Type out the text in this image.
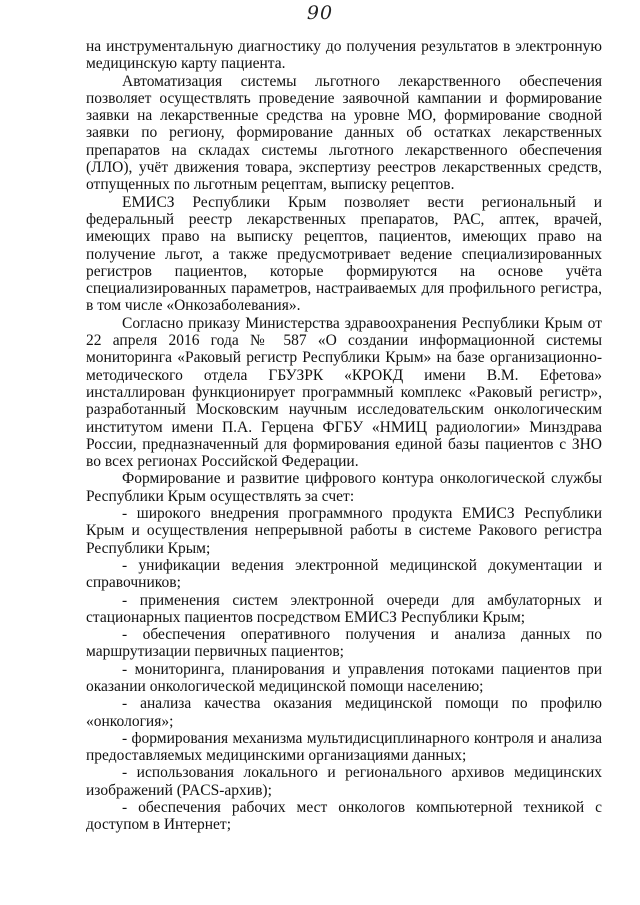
90

на инструментальную диагностику до получения результатов в электронную медицинскую карту пациента.

Автоматизация системы льготного лекарственного обеспечения позволяет осуществлять проведение заявочной кампании и формирование заявки на лекарственные средства на уровне МО, формирование сводной заявки по региону, формирование данных об остатках лекарственных препаратов на складах системы льготного лекарственного обеспечения (ЛЛО), учёт движения товара, экспертизу реестров лекарственных средств, отпущенных по льготным рецептам, выписку рецептов.

ЕМИСЗ Республики Крым позволяет вести региональный и федеральный реестр лекарственных препаратов, РАС, аптек, врачей, имеющих право на выписку рецептов, пациентов, имеющих право на получение льгот, а также предусмотривает ведение специализированных регистров пациентов, которые формируются на основе учёта специализированных параметров, настраиваемых для профильного регистра, в том числе «Онкозаболевания».

Согласно приказу Министерства здравоохранения Республики Крым от 22 апреля 2016 года № 587 «О создании информационной системы мониторинга «Раковый регистр Республики Крым» на базе организационно-методического отдела ГБУЗРК «КРОКД имени В.М. Ефетова» инсталлирован функционирует программный комплекс «Раковый регистр», разработанный Московским научным исследовательским онкологическим институтом имени П.А. Герцена ФГБУ «НМИЦ радиологии» Минздрава России, предназначенный для формирования единой базы пациентов с ЗНО во всех регионах Российской Федерации.

Формирование и развитие цифрового контура онкологической службы Республики Крым осуществлять за счет:

- широкого внедрения программного продукта ЕМИСЗ Республики Крым и осуществления непрерывной работы в системе Ракового регистра Республики Крым;

- унификации ведения электронной медицинской документации и справочников;

- применения систем электронной очереди для амбулаторных и стационарных пациентов посредством ЕМИСЗ Республики Крым;

- обеспечения оперативного получения и анализа данных по маршрутизации первичных пациентов;

- мониторинга, планирования и управления потоками пациентов при оказании онкологической медицинской помощи населению;

- анализа качества оказания медицинской помощи по профилю «онкология»;

- формирования механизма мультидисциплинарного контроля и анализа предоставляемых медицинскими организациями данных;

- использования локального и регионального архивов медицинских изображений (PACS-архив);

- обеспечения рабочих мест онкологов компьютерной техникой с доступом в Интернет;
